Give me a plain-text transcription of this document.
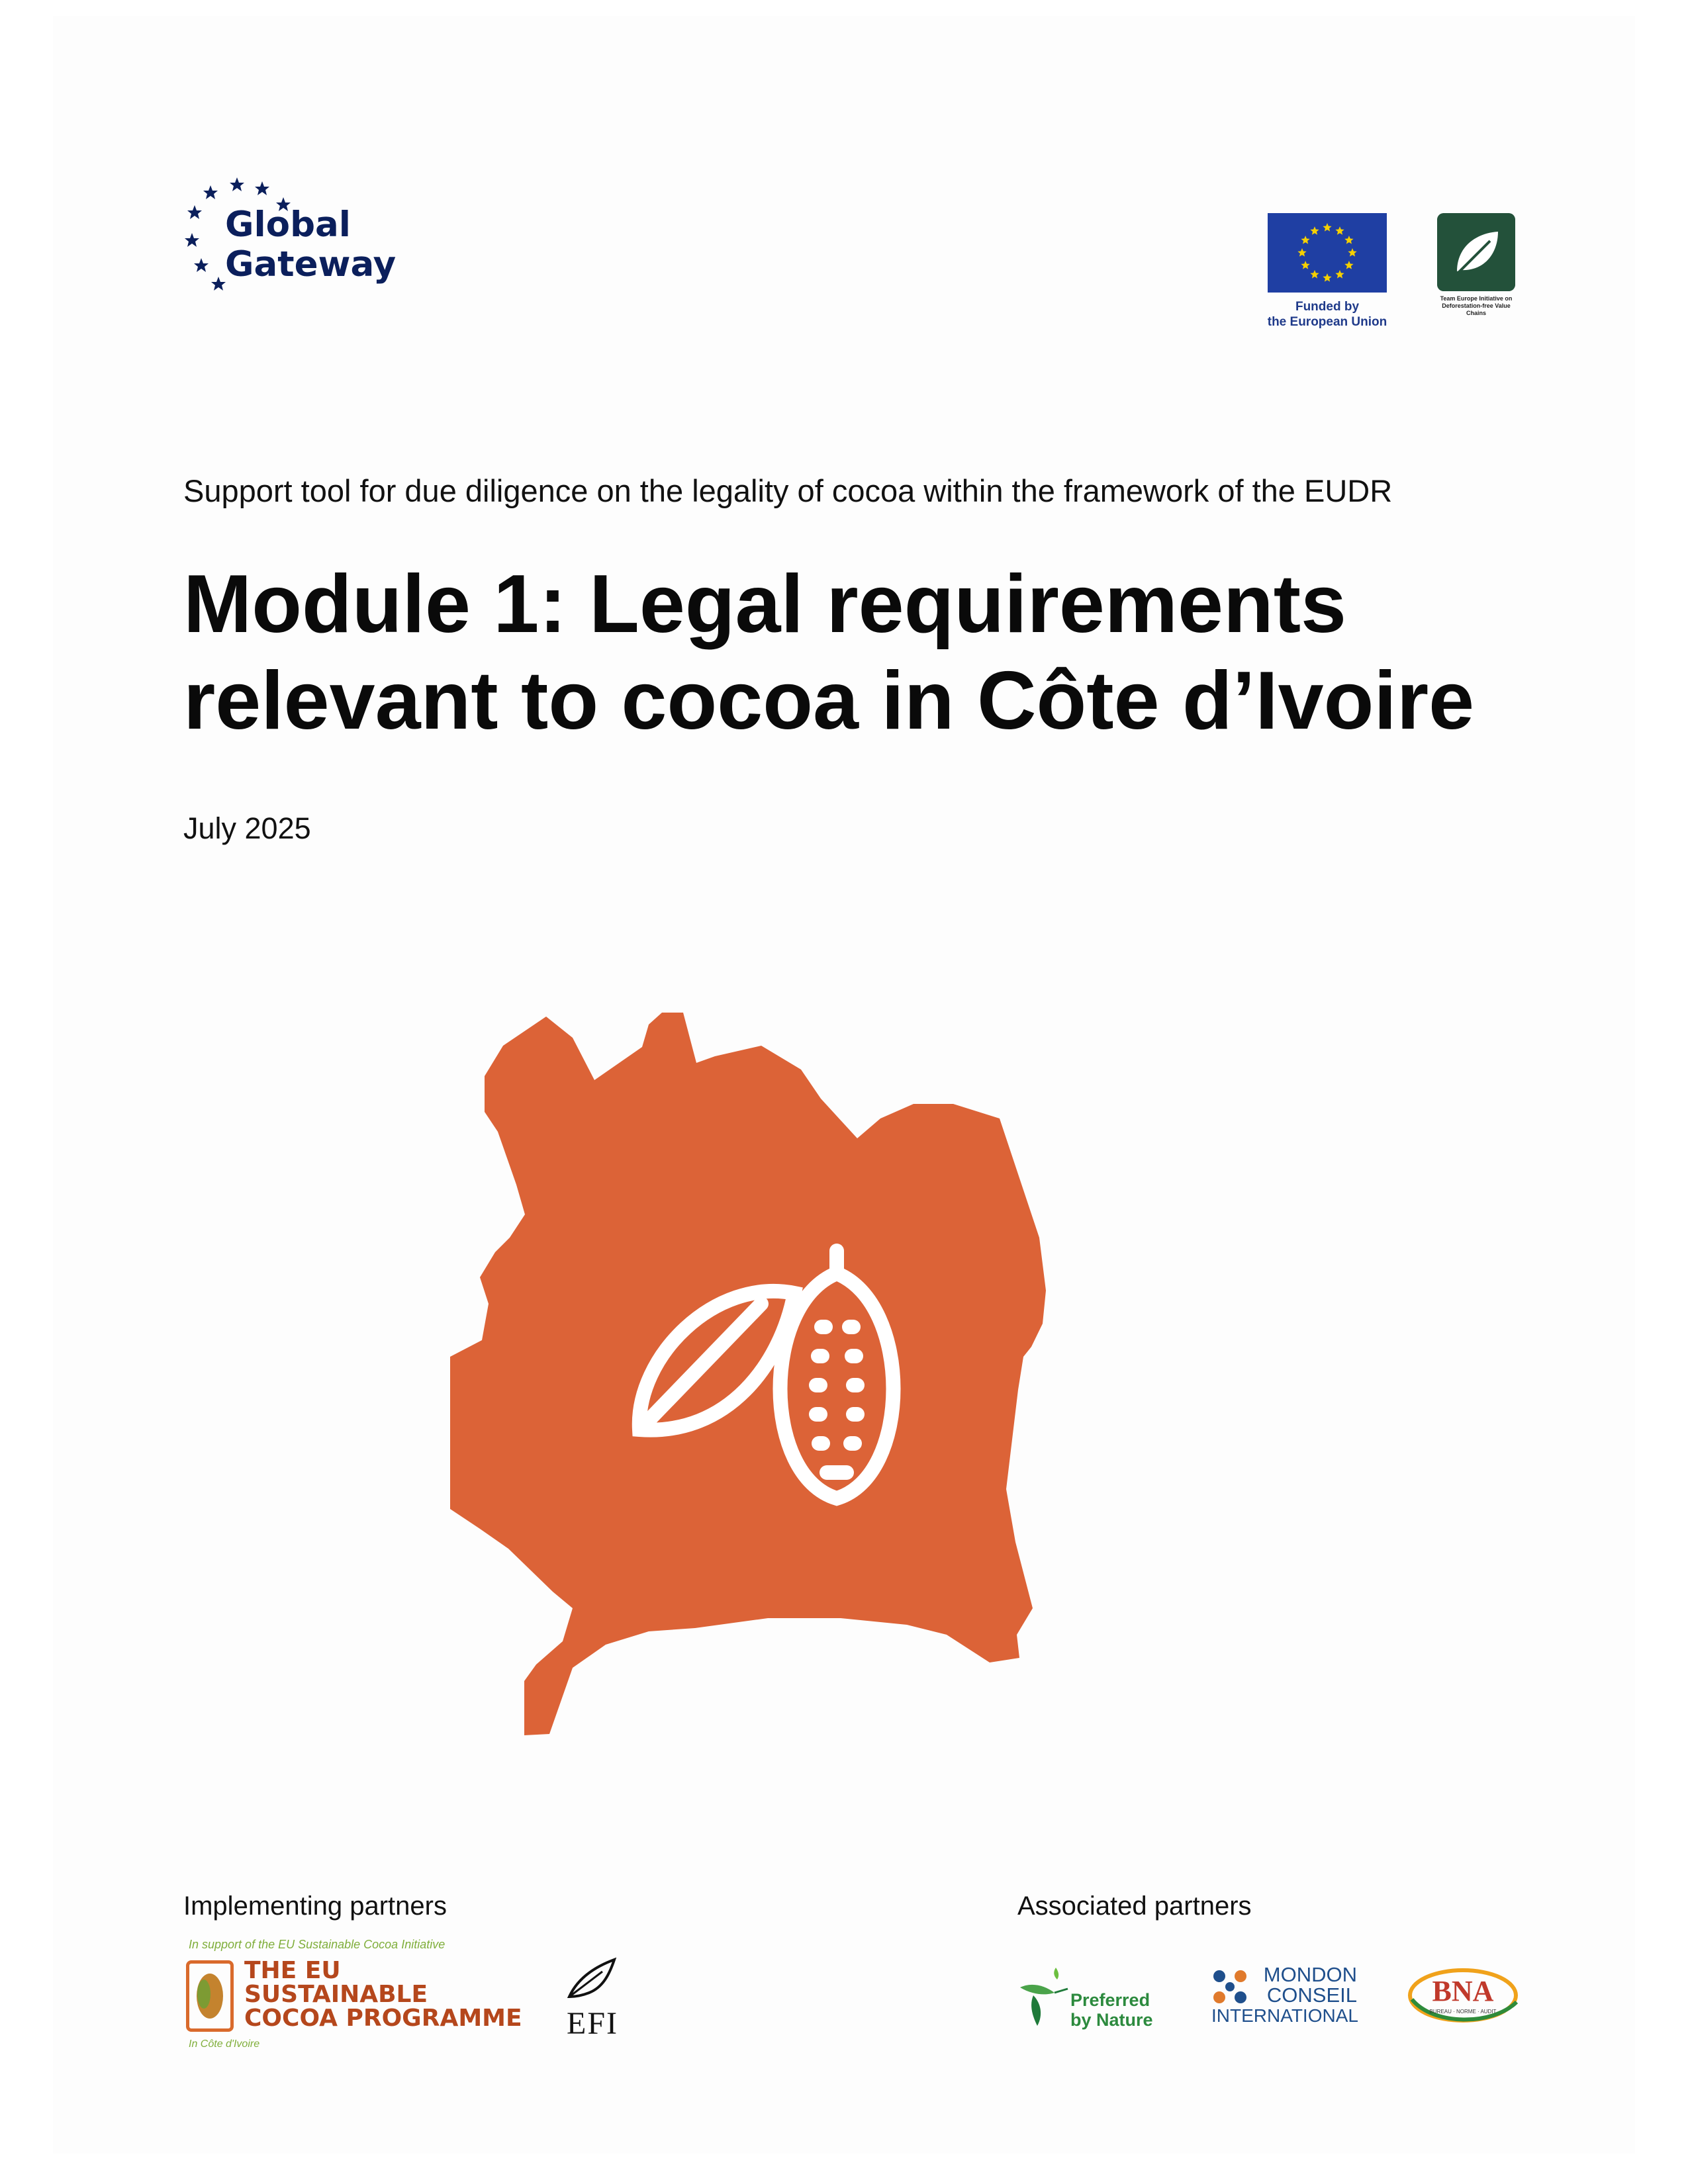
Global
Gateway
Funded by
the European Union
Team Europe Initiative on Deforestation-free Value Chains
Support tool for due diligence on the legality of cocoa within the framework of the EUDR
Module 1: Legal requirements
relevant to cocoa in Côte d’Ivoire
July 2025
Implementing partners	Associated partners
In support of the EU Sustainable Cocoa Initiative
THE EU
SUSTAINABLE
COCOA PROGRAMME
In Côte d'Ivoire
EFI
Preferred
by Nature
MONDON
CONSEIL
INTERNATIONAL
BNA
BUREAU · NORME · AUDIT
